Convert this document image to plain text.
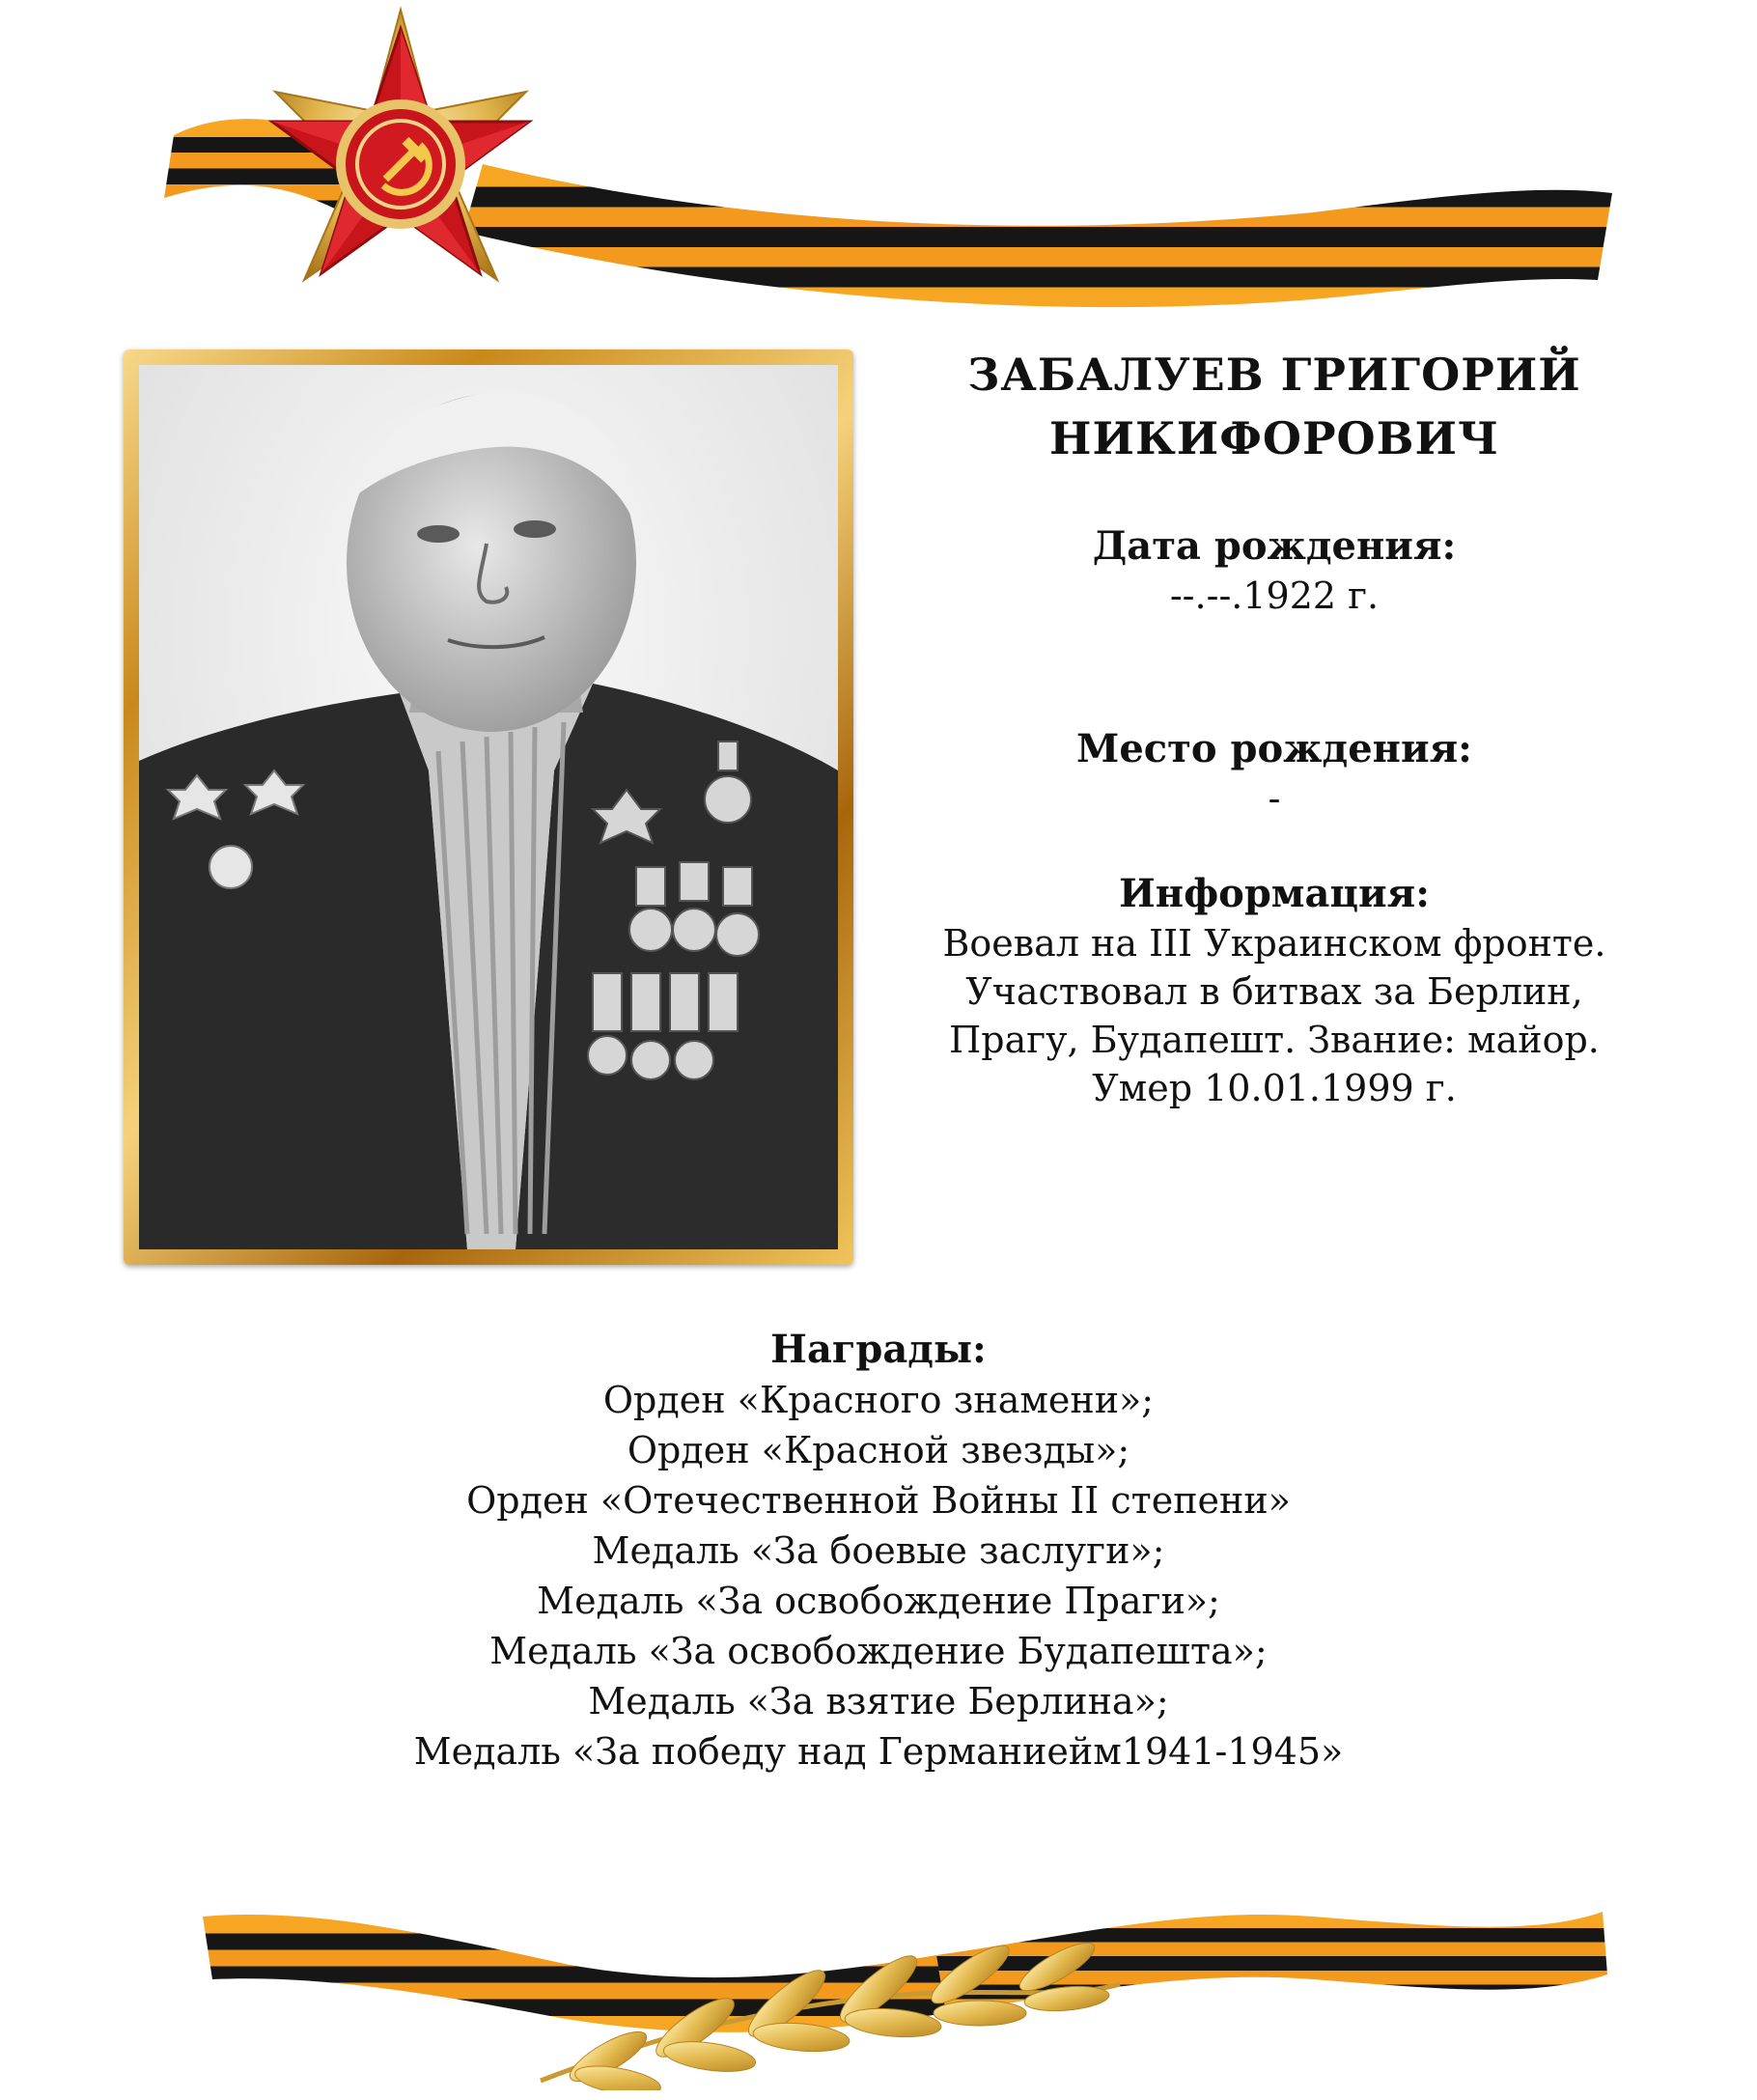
ЗАБАЛУЕВ ГРИГОРИЙ
НИКИФОРОВИЧ
Дата рождения:
--.--.1922 г.
Место рождения:
-
Информация:
Воевал на III Украинском фронте.
Участвовал в битвах за Берлин,
Прагу, Будапешт. Звание: майор.
Умер 10.01.1999 г.
Награды:
Орден «Красного знамени»;
Орден «Красной звезды»;
Орден «Отечественной Войны II степени»
Медаль «За боевые заслуги»;
Медаль «За освобождение Праги»;
Медаль «За освобождение Будапешта»;
Медаль «За взятие Берлина»;
Медаль «За победу над Германиейм1941-1945»
